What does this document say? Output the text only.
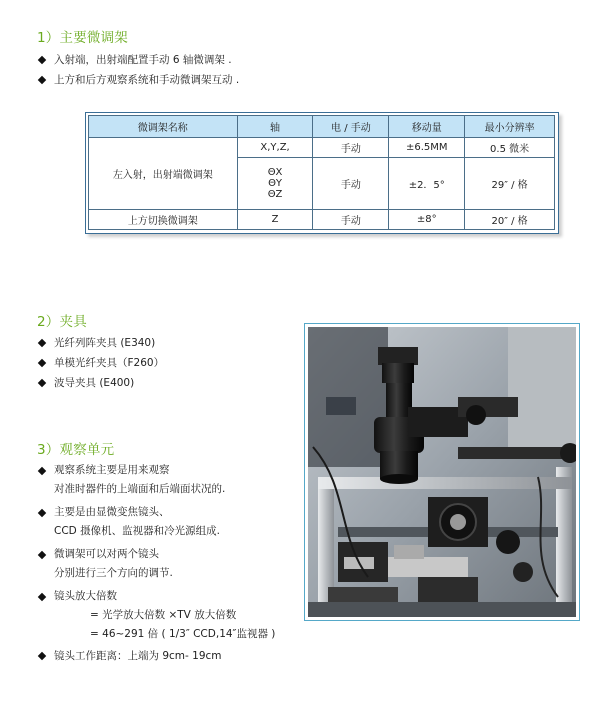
1）主要微调架
入射端，出射端配置手动 6 轴微调架 .
上方和后方观察系统和手动微调架互动 .
微调架名称	轴	电 / 手动	移动量	最小分辨率
左入射，出射端微调架	X,Y,Z,	手动	±6.5MM	0.5 微米

	ΘX
ΘY
ΘZ	手动	±2．5°	29″ / 格
上方切换微调架	Z	手动	±8°	20″ / 格
2）夹具
光纤列阵夹具 (E340)
单模光纤夹具（F260）
波导夹具 (E400)
3）观察单元
观察系统主要是用来观察
对准时器件的上端面和后端面状况的.
主要是由显微变焦镜头、
CCD 摄像机、监视器和冷光源组成.
微调架可以对两个镜头
分别进行三个方向的调节.
镜头放大倍数
= 光学放大倍数 ×TV 放大倍数
= 46~291 倍 ( 1/3″ CCD,14″监视器 )
镜头工作距离：上端为 9cm- 19cm
